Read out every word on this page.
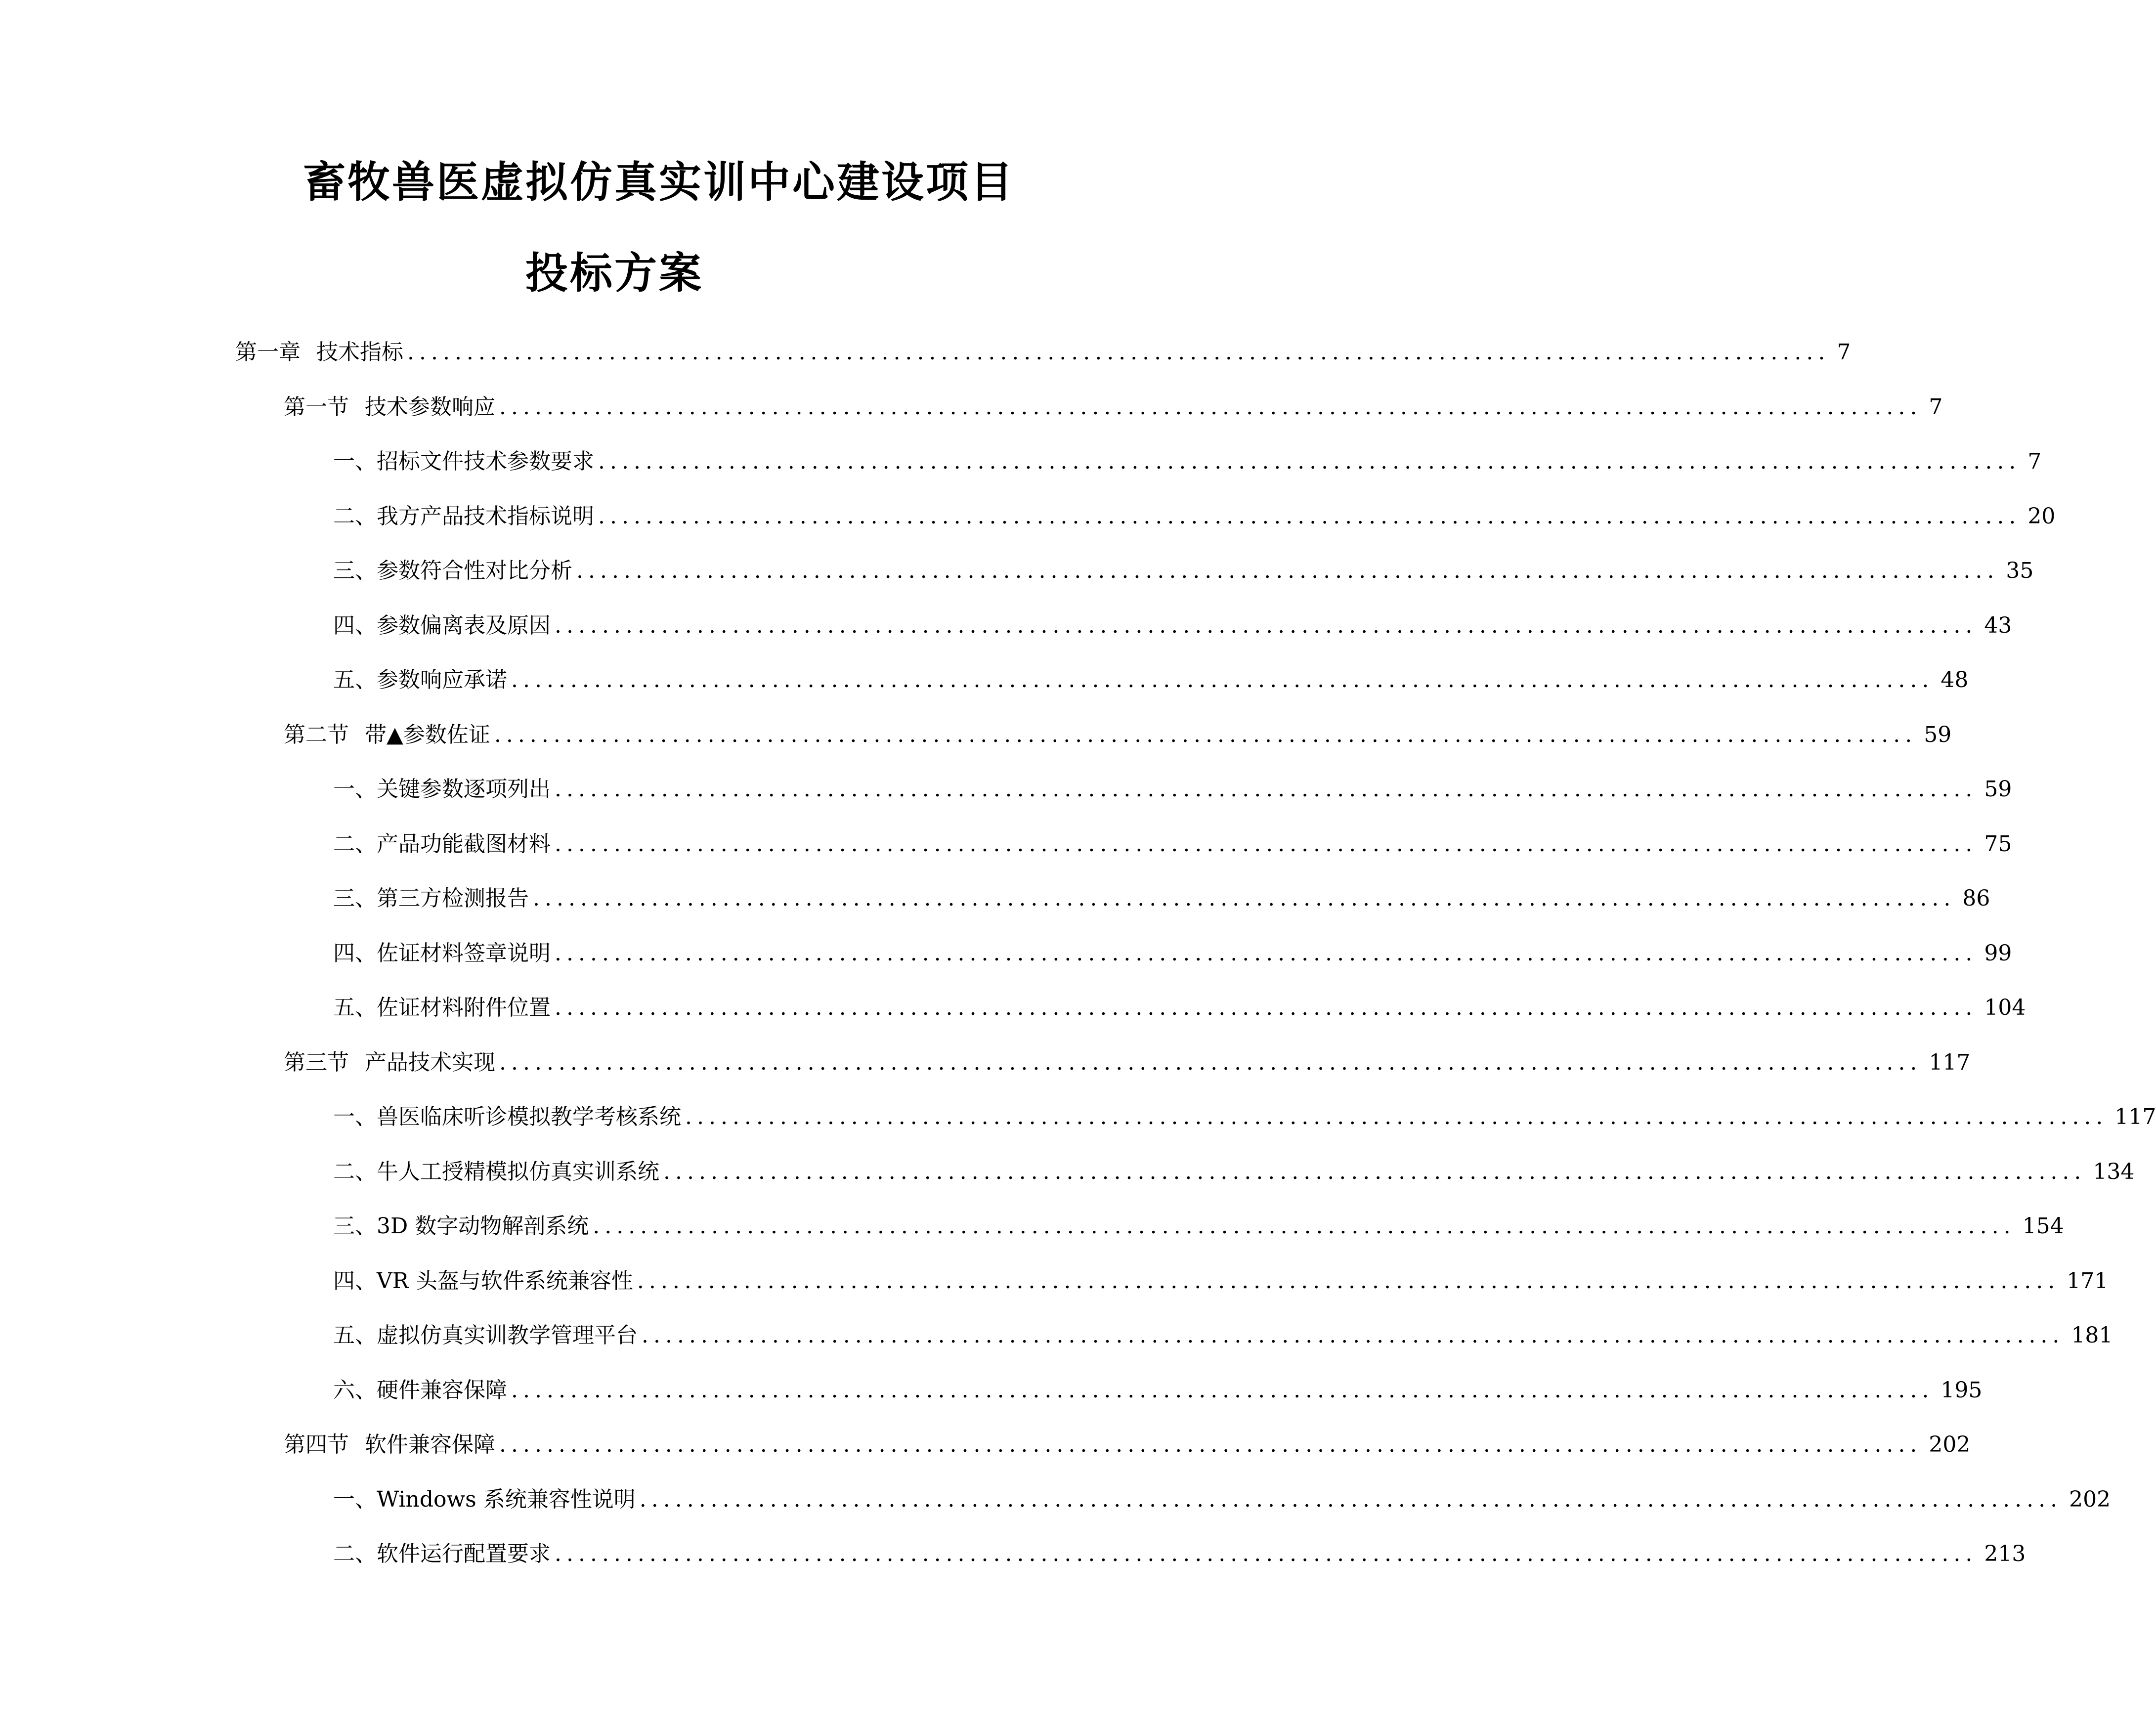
畜牧兽医虚拟仿真实训中心建设项目
投标方案
第一章 技术指标 ........................................................................................................................ 7
第一节 技术参数响应 ........................................................................................................................ 7
一、 招标文件技术参数要求 ........................................................................................................................ 7
二、 我方产品技术指标说明 ........................................................................................................................ 20
三、 参数符合性对比分析 ........................................................................................................................ 35
四、 参数偏离表及原因 ........................................................................................................................ 43
五、 参数响应承诺 ........................................................................................................................ 48
第二节 带▲参数佐证 ........................................................................................................................ 59
一、 关键参数逐项列出 ........................................................................................................................ 59
二、 产品功能截图材料 ........................................................................................................................ 75
三、 第三方检测报告 ........................................................................................................................ 86
四、 佐证材料签章说明 ........................................................................................................................ 99
五、 佐证材料附件位置 ........................................................................................................................ 104
第三节 产品技术实现 ........................................................................................................................ 117
一、 兽医临床听诊模拟教学考核系统 ........................................................................................................................ 117
二、 牛人工授精模拟仿真实训系统 ........................................................................................................................ 134
三、 3D 数字动物解剖系统 ........................................................................................................................ 154
四、 VR 头盔与软件系统兼容性 ........................................................................................................................ 171
五、 虚拟仿真实训教学管理平台 ........................................................................................................................ 181
六、 硬件兼容保障 ........................................................................................................................ 195
第四节 软件兼容保障 ........................................................................................................................ 202
一、 Windows 系统兼容性说明 ........................................................................................................................ 202
二、 软件运行配置要求 ........................................................................................................................ 213
